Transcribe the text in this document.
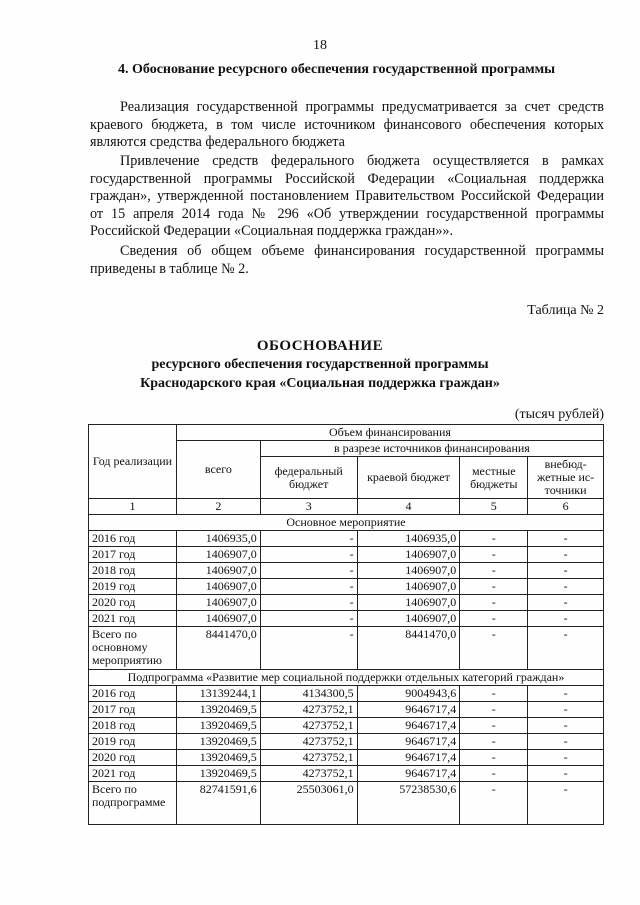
18
4. Обоснование ресурсного обеспечения государственной программы
Реализация государственной программы предусматривается за счет средств краевого бюджета, в том числе источником финансового обеспечения которых являются средства федерального бюджета
Привлечение средств федерального бюджета осуществляется в рамках государственной программы Российской Федерации «Социальная поддержка граждан», утвержденной постановлением Правительством Российской Федерации от 15 апреля 2014 года № 296 «Об утверждении государственной программы Российской Федерации «Социальная поддержка граждан»».
Сведения об общем объеме финансирования государственной программы приведены в таблице № 2.
Таблица № 2
ОБОСНОВАНИЕ
ресурсного обеспечения государственной программы
Краснодарского края «Социальная поддержка граждан»
(тысяч рублей)
Год реализации	Объем финансирования				
	всего	в разрезе источников финансирования			
		федеральный бюджет	краевой бюджет	местные бюджеты	внебюд-жетные ис-точники
1	2	3	4	5	6
Основное мероприятие					
2016 год	1406935,0	-	1406935,0	-	-
2017 год	1406907,0	-	1406907,0	-	-
2018 год	1406907,0	-	1406907,0	-	-
2019 год	1406907,0	-	1406907,0	-	-
2020 год	1406907,0	-	1406907,0	-	-
2021 год	1406907,0	-	1406907,0	-	-
Всего по основному мероприятию	8441470,0	-	8441470,0	-	-
Подпрограмма «Развитие мер социальной поддержки отдельных категорий граждан»					
2016 год	13139244,1	4134300,5	9004943,6	-	-
2017 год	13920469,5	4273752,1	9646717,4	-	-
2018 год	13920469,5	4273752,1	9646717,4	-	-
2019 год	13920469,5	4273752,1	9646717,4	-	-
2020 год	13920469,5	4273752,1	9646717,4	-	-
2021 год	13920469,5	4273752,1	9646717,4	-	-
Всего по подпрограмме	82741591,6	25503061,0	57238530,6	-	-
